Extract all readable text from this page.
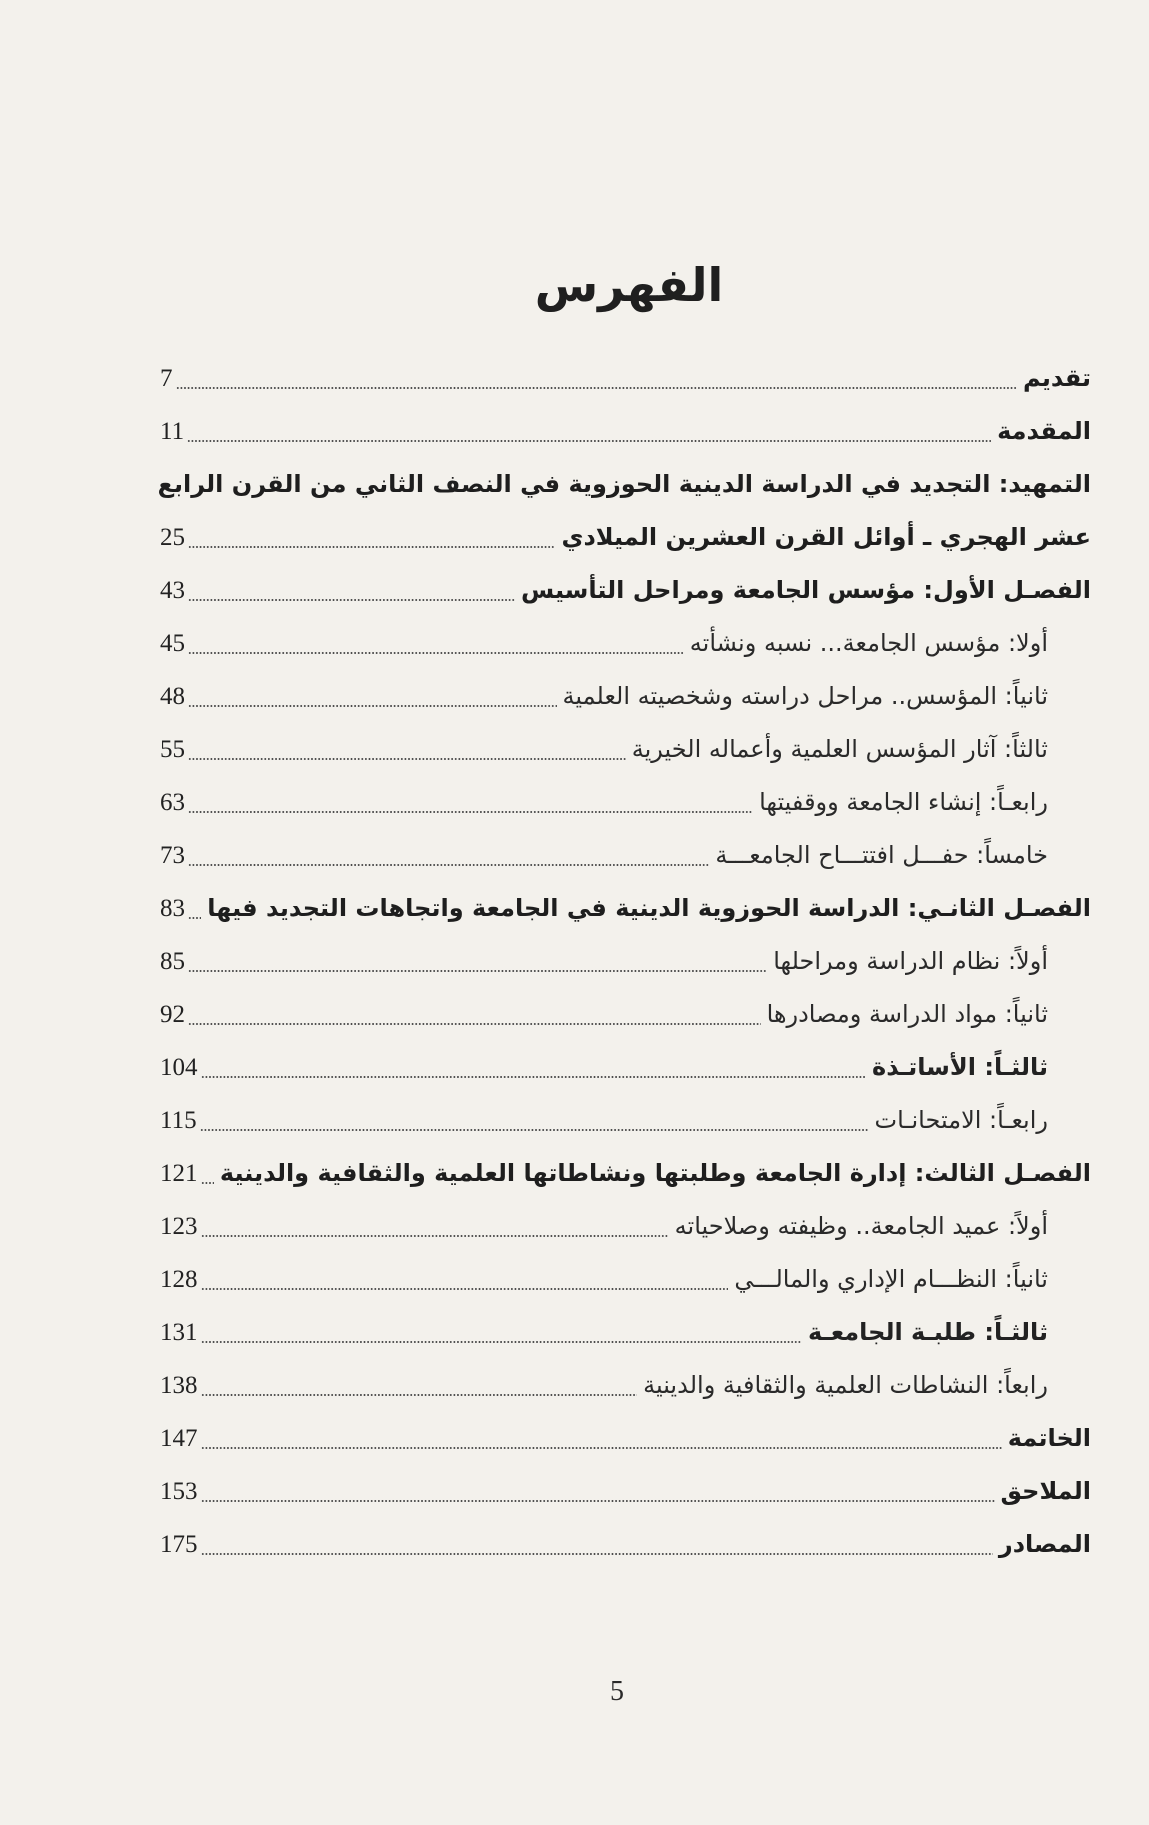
الفهرس
تقديم
7
المقدمة
11
التمهيد: التجديد في الدراسة الدينية الحوزوية في النصف الثاني من القرن الرابع
عشر الهجري ـ أوائل القرن العشرين الميلادي
25
الفصـل الأول: مؤسس الجامعة ومراحل التأسيس
43
أولا: مؤسس الجامعة... نسبه ونشأته
45
ثانياً: المؤسس.. مراحل دراسته وشخصيته العلمية
48
ثالثاً: آثار المؤسس العلمية وأعماله الخيرية
55
رابعـاً: إنشاء الجامعة ووقفيتها
63
خامساً: حفـــل افتتـــاح الجامعـــة
73
الفصـل الثانـي: الدراسة الحوزوية الدينية في الجامعة واتجاهات التجديد فيها
83
أولاً: نظام الدراسة ومراحلها
85
ثانياً: مواد الدراسة ومصادرها
92
ثالثـاً: الأساتـذة
104
رابعـاً: الامتحانـات
115
الفصـل الثالث: إدارة الجامعة وطلبتها ونشاطاتها العلمية والثقافية والدينية
121
أولاً: عميد الجامعة.. وظيفته وصلاحياته
123
ثانياً: النظـــام الإداري والمالـــي
128
ثالثـاً: طلبـة الجامعـة
131
رابعاً: النشاطات العلمية والثقافية والدينية
138
الخاتمة
147
الملاحق
153
المصادر
175
5
